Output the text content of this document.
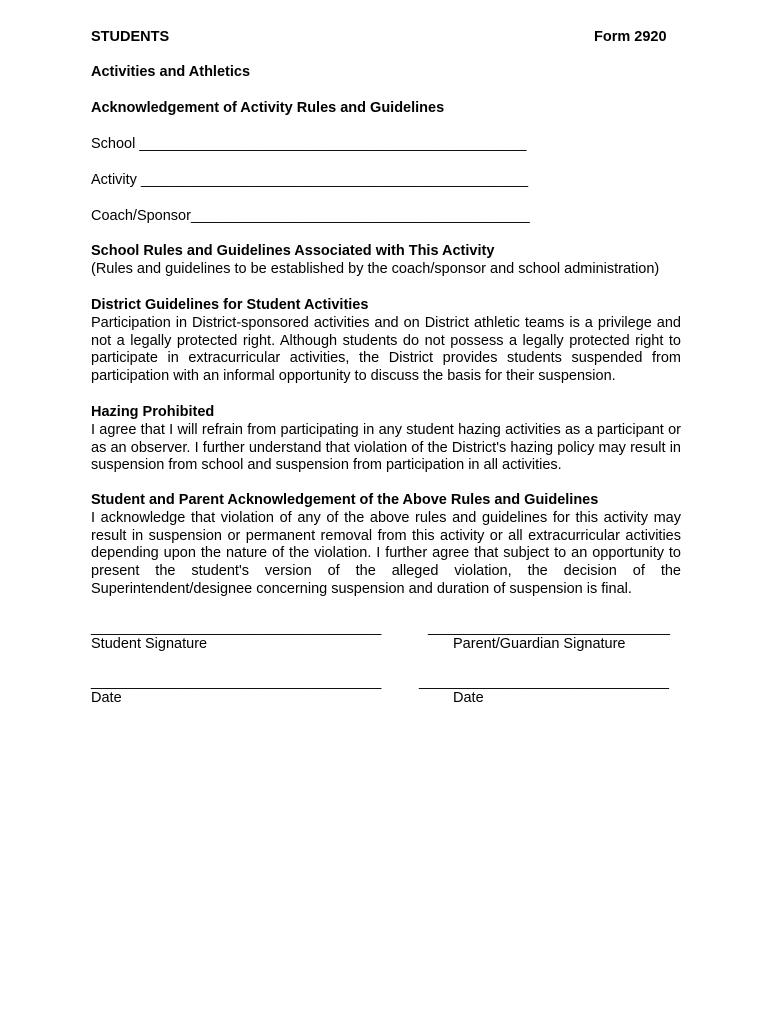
STUDENTS	Form 2920
Activities and Athletics
Acknowledgement of Activity Rules and Guidelines
School ________________________________________________
Activity ________________________________________________
Coach/Sponsor__________________________________________
School Rules and Guidelines Associated with This Activity
(Rules and guidelines to be established by the coach/sponsor and school administration)
District Guidelines for Student Activities
Participation in District-sponsored activities and on District athletic teams is a privilege and not a legally protected right. Although students do not possess a legally protected right to participate in extracurricular activities, the District provides students suspended from participation with an informal opportunity to discuss the basis for their suspension.
Hazing Prohibited
I agree that I will refrain from participating in any student hazing activities as a participant or as an observer. I further understand that violation of the District's hazing policy may result in suspension from school and suspension from participation in all activities.
Student and Parent Acknowledgement of the Above Rules and Guidelines
I acknowledge that violation of any of the above rules and guidelines for this activity may result in suspension or permanent removal from this activity or all extracurricular activities depending upon the nature of the violation. I further agree that subject to an opportunity to present the student's version of the alleged violation, the decision of the Superintendent/designee concerning suspension and duration of suspension is final.
____________________________________	______________________________
Student Signature	Parent/Guardian Signature
____________________________________	_______________________________
Date	Date
